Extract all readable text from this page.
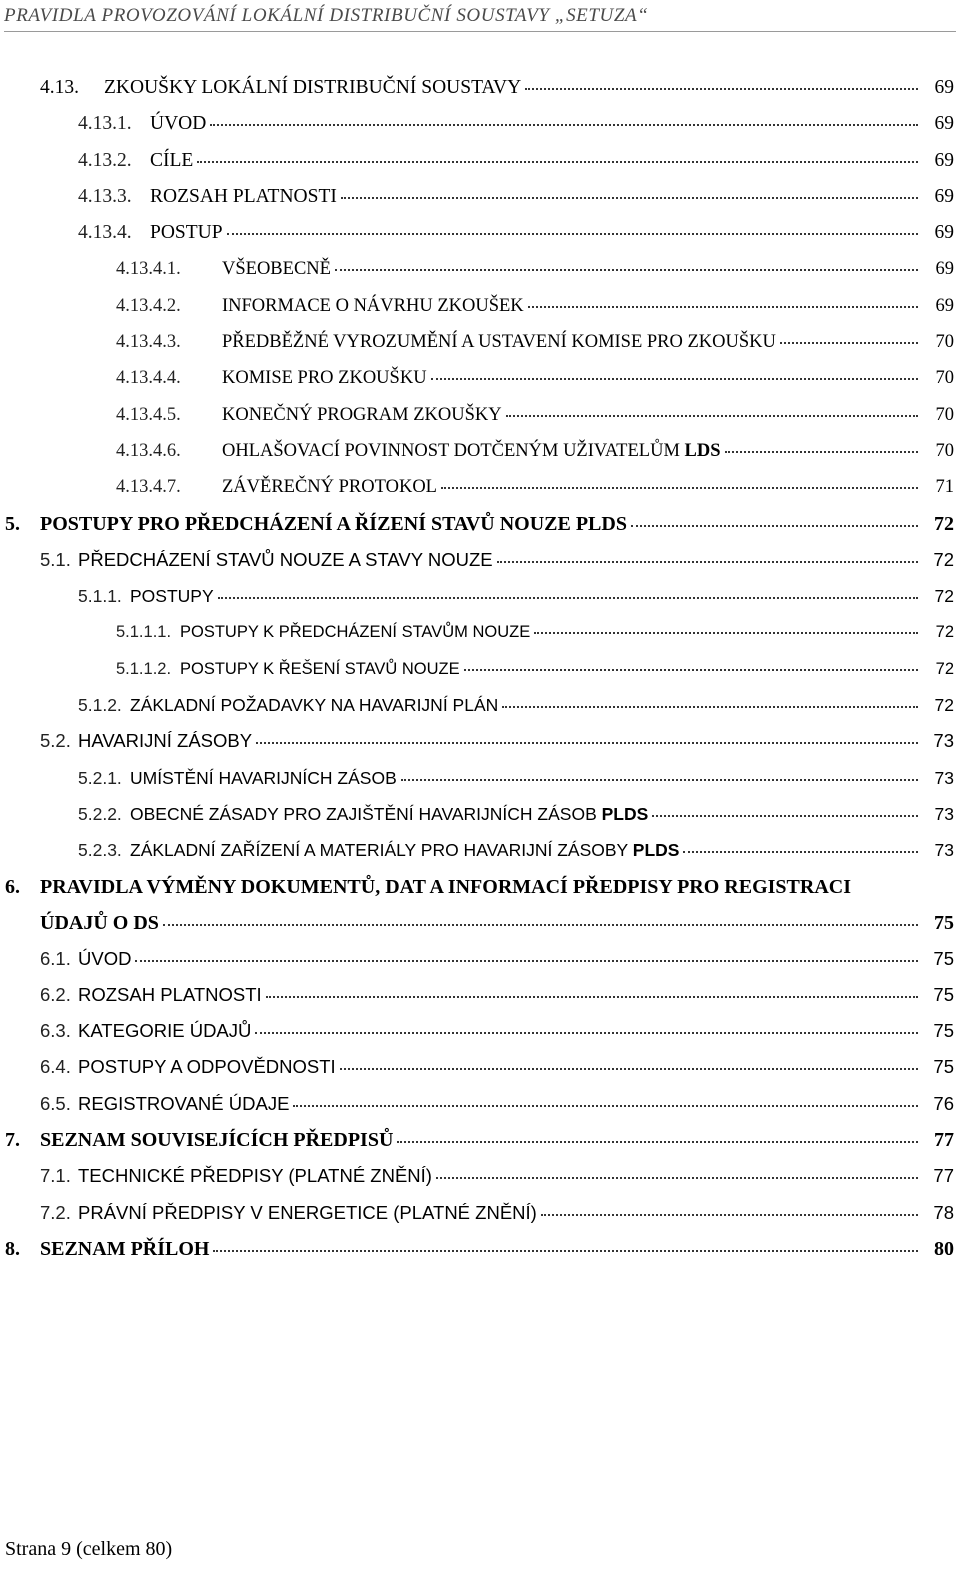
PRAVIDLA PROVOZOVÁNÍ LOKÁLNÍ DISTRIBUČNÍ SOUSTAVY „SETUZA“
4.13. ZKOUŠKY LOKÁLNÍ DISTRIBUČNÍ SOUSTAVY	69
4.13.1. ÚVOD	69
4.13.2. CÍLE	69
4.13.3. ROZSAH PLATNOSTI	69
4.13.4. POSTUP	69
4.13.4.1. VŠEOBECNĚ	69
4.13.4.2. INFORMACE O NÁVRHU ZKOUŠEK	69
4.13.4.3. PŘEDBĚŽNÉ VYROZUMĚNÍ A USTAVENÍ KOMISE PRO ZKOUŠKU	70
4.13.4.4. KOMISE PRO ZKOUŠKU	70
4.13.4.5. KONEČNÝ PROGRAM ZKOUŠKY	70
4.13.4.6. OHLAŠOVACÍ POVINNOST DOTČENÝM UŽIVATELŮM LDS	70
4.13.4.7. ZÁVĚREČNÝ PROTOKOL	71
5. POSTUPY PRO PŘEDCHÁZENÍ A ŘÍZENÍ STAVŮ NOUZE PLDS	72
5.1. PŘEDCHÁZENÍ STAVŮ NOUZE A STAVY NOUZE	72
5.1.1. POSTUPY	72
5.1.1.1. POSTUPY K PŘEDCHÁZENÍ STAVŮM NOUZE	72
5.1.1.2. POSTUPY K ŘEŠENÍ STAVŮ NOUZE	72
5.1.2. ZÁKLADNÍ POŽADAVKY NA HAVARIJNÍ PLÁN	72
5.2. HAVARIJNÍ ZÁSOBY	73
5.2.1. UMÍSTĚNÍ HAVARIJNÍCH ZÁSOB	73
5.2.2. OBECNÉ ZÁSADY PRO ZAJIŠTĚNÍ HAVARIJNÍCH ZÁSOB PLDS	73
5.2.3. ZÁKLADNÍ ZAŘÍZENÍ A MATERIÁLY PRO HAVARIJNÍ ZÁSOBY PLDS	73
6. PRAVIDLA VÝMĚNY DOKUMENTŮ, DAT A INFORMACÍ PŘEDPISY PRO REGISTRACI
ÚDAJŮ O DS	75
6.1. ÚVOD	75
6.2. ROZSAH PLATNOSTI	75
6.3. KATEGORIE ÚDAJŮ	75
6.4. POSTUPY A ODPOVĚDNOSTI	75
6.5. REGISTROVANÉ ÚDAJE	76
7. SEZNAM SOUVISEJÍCÍCH PŘEDPISŮ	77
7.1. TECHNICKÉ PŘEDPISY (PLATNÉ ZNĚNÍ)	77
7.2. PRÁVNÍ PŘEDPISY V ENERGETICE (PLATNÉ ZNĚNÍ)	78
8. SEZNAM PŘÍLOH	80
Strana 9 (celkem 80)
